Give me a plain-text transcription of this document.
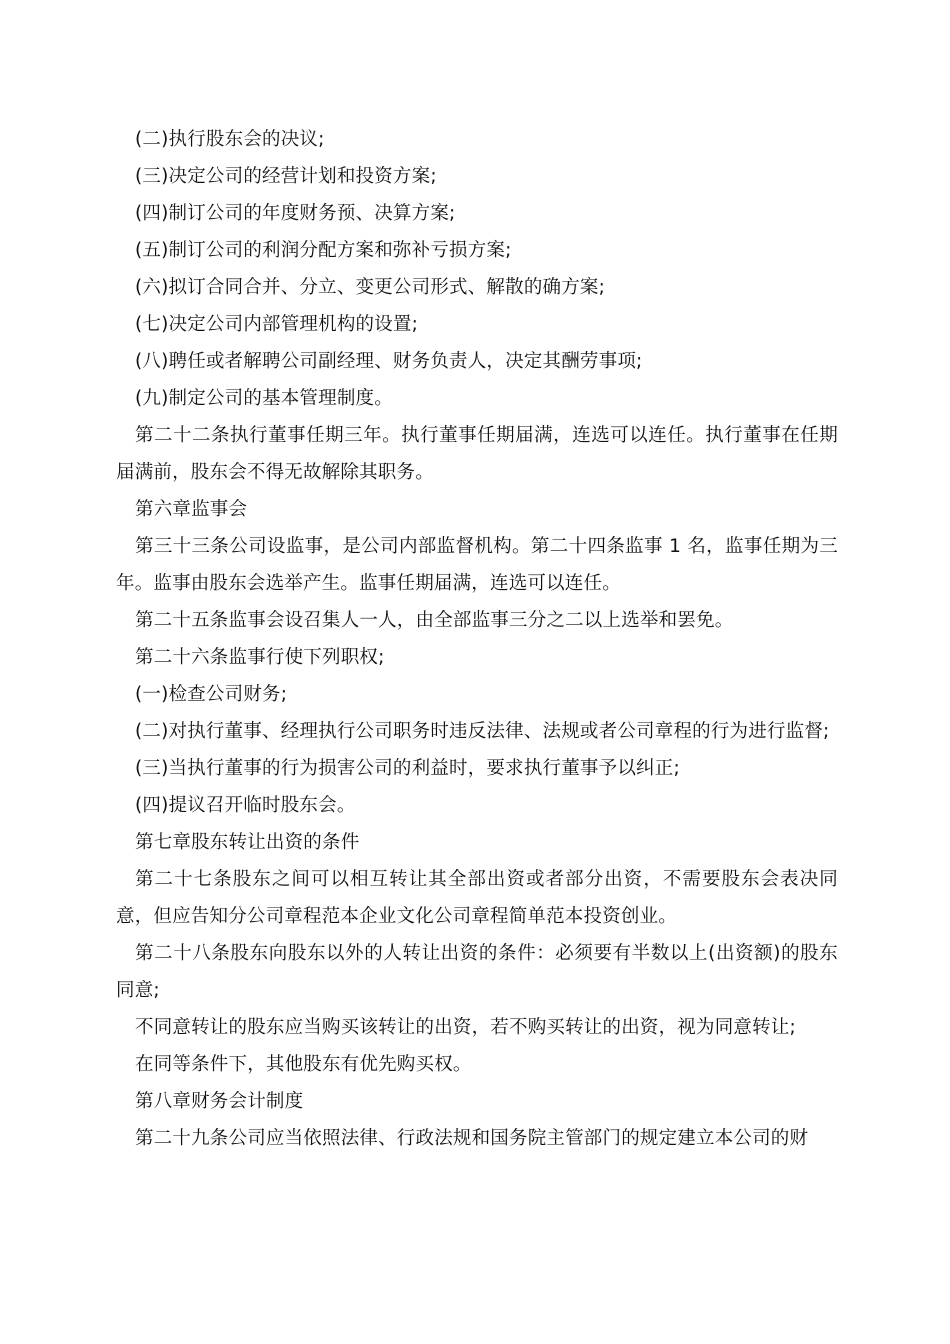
(二)执行股东会的决议;

(三)决定公司的经营计划和投资方案;

(四)制订公司的年度财务预、决算方案;

(五)制订公司的利润分配方案和弥补亏损方案;

(六)拟订合同合并、分立、变更公司形式、解散的确方案;

(七)决定公司内部管理机构的设置;

(八)聘任或者解聘公司副经理、财务负责人，决定其酬劳事项;

(九)制定公司的基本管理制度。

第二十二条执行董事任期三年。执行董事任期届满，连选可以连任。执行董事在任期届满前，股东会不得无故解除其职务。

第六章监事会

第三十三条公司设监事，是公司内部监督机构。第二十四条监事 1 名，监事任期为三年。监事由股东会选举产生。监事任期届满，连选可以连任。

第二十五条监事会设召集人一人，由全部监事三分之二以上选举和罢免。

第二十六条监事行使下列职权;

(一)检查公司财务;

(二)对执行董事、经理执行公司职务时违反法律、法规或者公司章程的行为进行监督;

(三)当执行董事的行为损害公司的利益时，要求执行董事予以纠正;

(四)提议召开临时股东会。

第七章股东转让出资的条件

第二十七条股东之间可以相互转让其全部出资或者部分出资，不需要股东会表决同意，但应告知分公司章程范本企业文化公司章程简单范本投资创业。

第二十八条股东向股东以外的人转让出资的条件：必须要有半数以上(出资额)的股东同意;

不同意转让的股东应当购买该转让的出资，若不购买转让的出资，视为同意转让;

在同等条件下，其他股东有优先购买权。

第八章财务会计制度

第二十九条公司应当依照法律、行政法规和国务院主管部门的规定建立本公司的财
